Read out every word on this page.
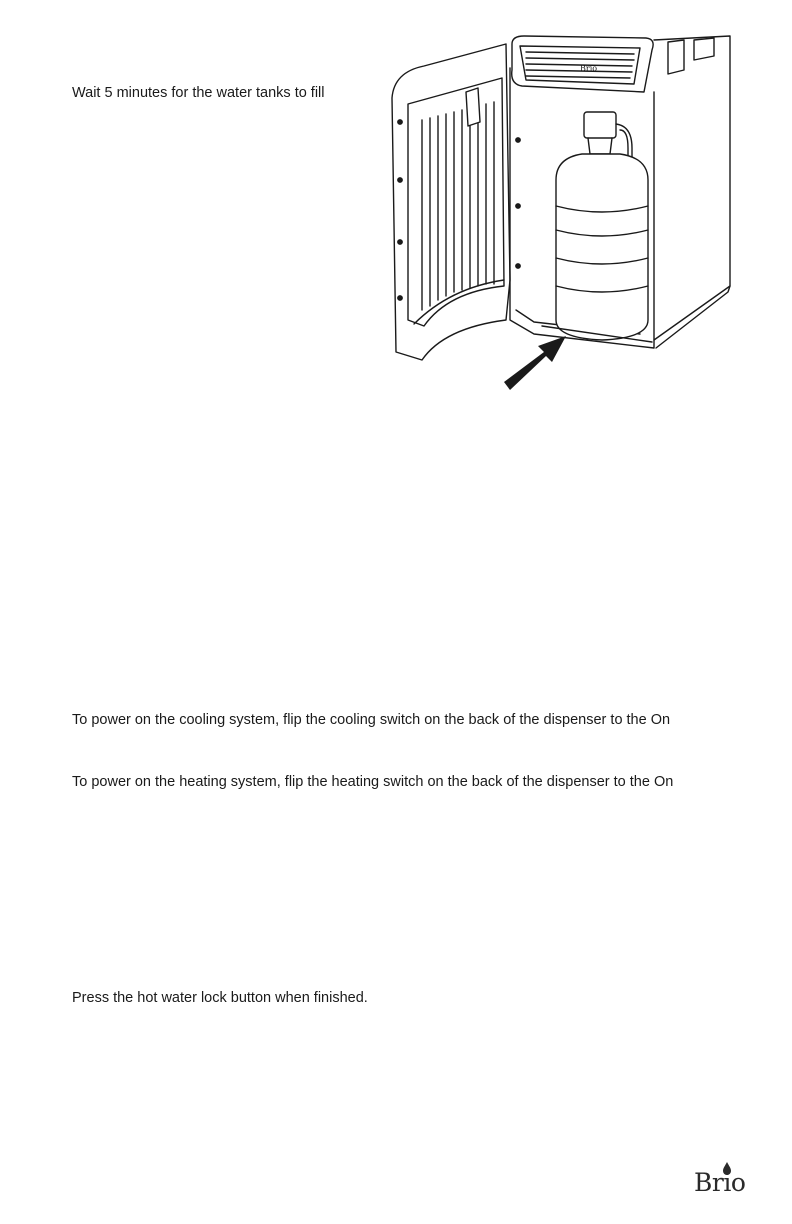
Wait 5 minutes for the water tanks to fill
Brio
To power on the cooling system, flip the cooling switch on the back of the dispenser to the On
To power on the heating system, flip the heating switch on the back of the dispenser to the On
Press the hot water lock button when finished.
Brio
